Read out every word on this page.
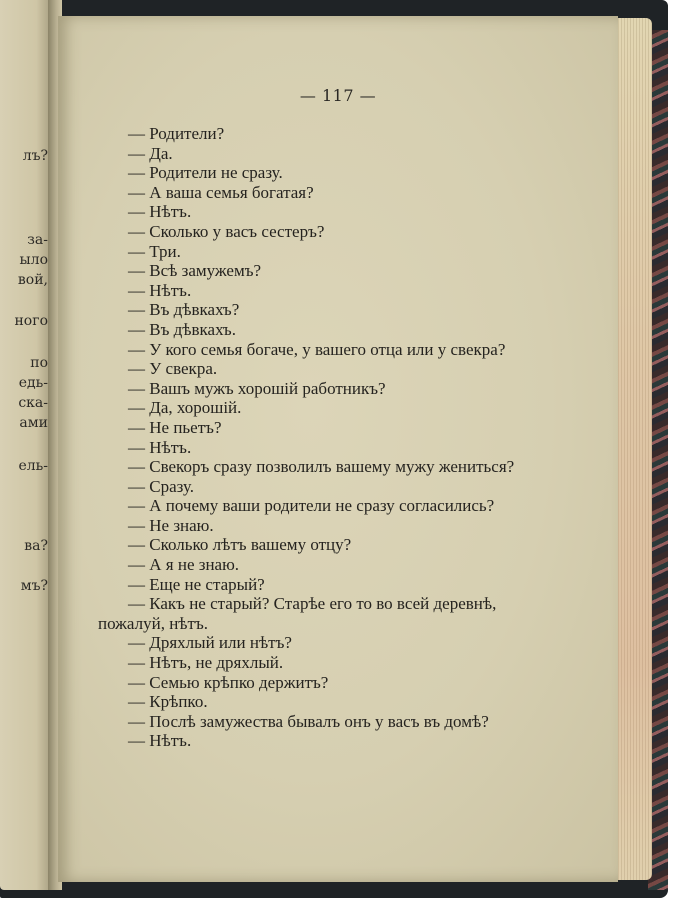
лъ?
за-
ыло
вой,
ного
по
едь-
ска-
ами
ель-
ва?
мъ?
— 117 —
— Родители?
— Да.
— Родители не сразу.
— А ваша семья богатая?
— Нѣтъ.
— Сколько у васъ сестеръ?
— Три.
— Всѣ замужемъ?
— Нѣтъ.
— Въ дѣвкахъ?
— Въ дѣвкахъ.
— У кого семья богаче, у вашего отца или у свекра?
— У свекра.
— Вашъ мужъ хорошій работникъ?
— Да, хорошій.
— Не пьетъ?
— Нѣтъ.
— Свекоръ сразу позволилъ вашему мужу жениться?
— Сразу.
— А почему ваши родители не сразу согласились?
— Не знаю.
— Сколько лѣтъ вашему отцу?
— А я не знаю.
— Еще не старый?
— Какъ не старый? Старѣе его то во всей деревнѣ,
пожалуй, нѣтъ.
— Дряхлый или нѣтъ?
— Нѣтъ, не дряхлый.
— Семью крѣпко держитъ?
— Крѣпко.
— Послѣ замужества бывалъ онъ у васъ въ домѣ?
— Нѣтъ.
